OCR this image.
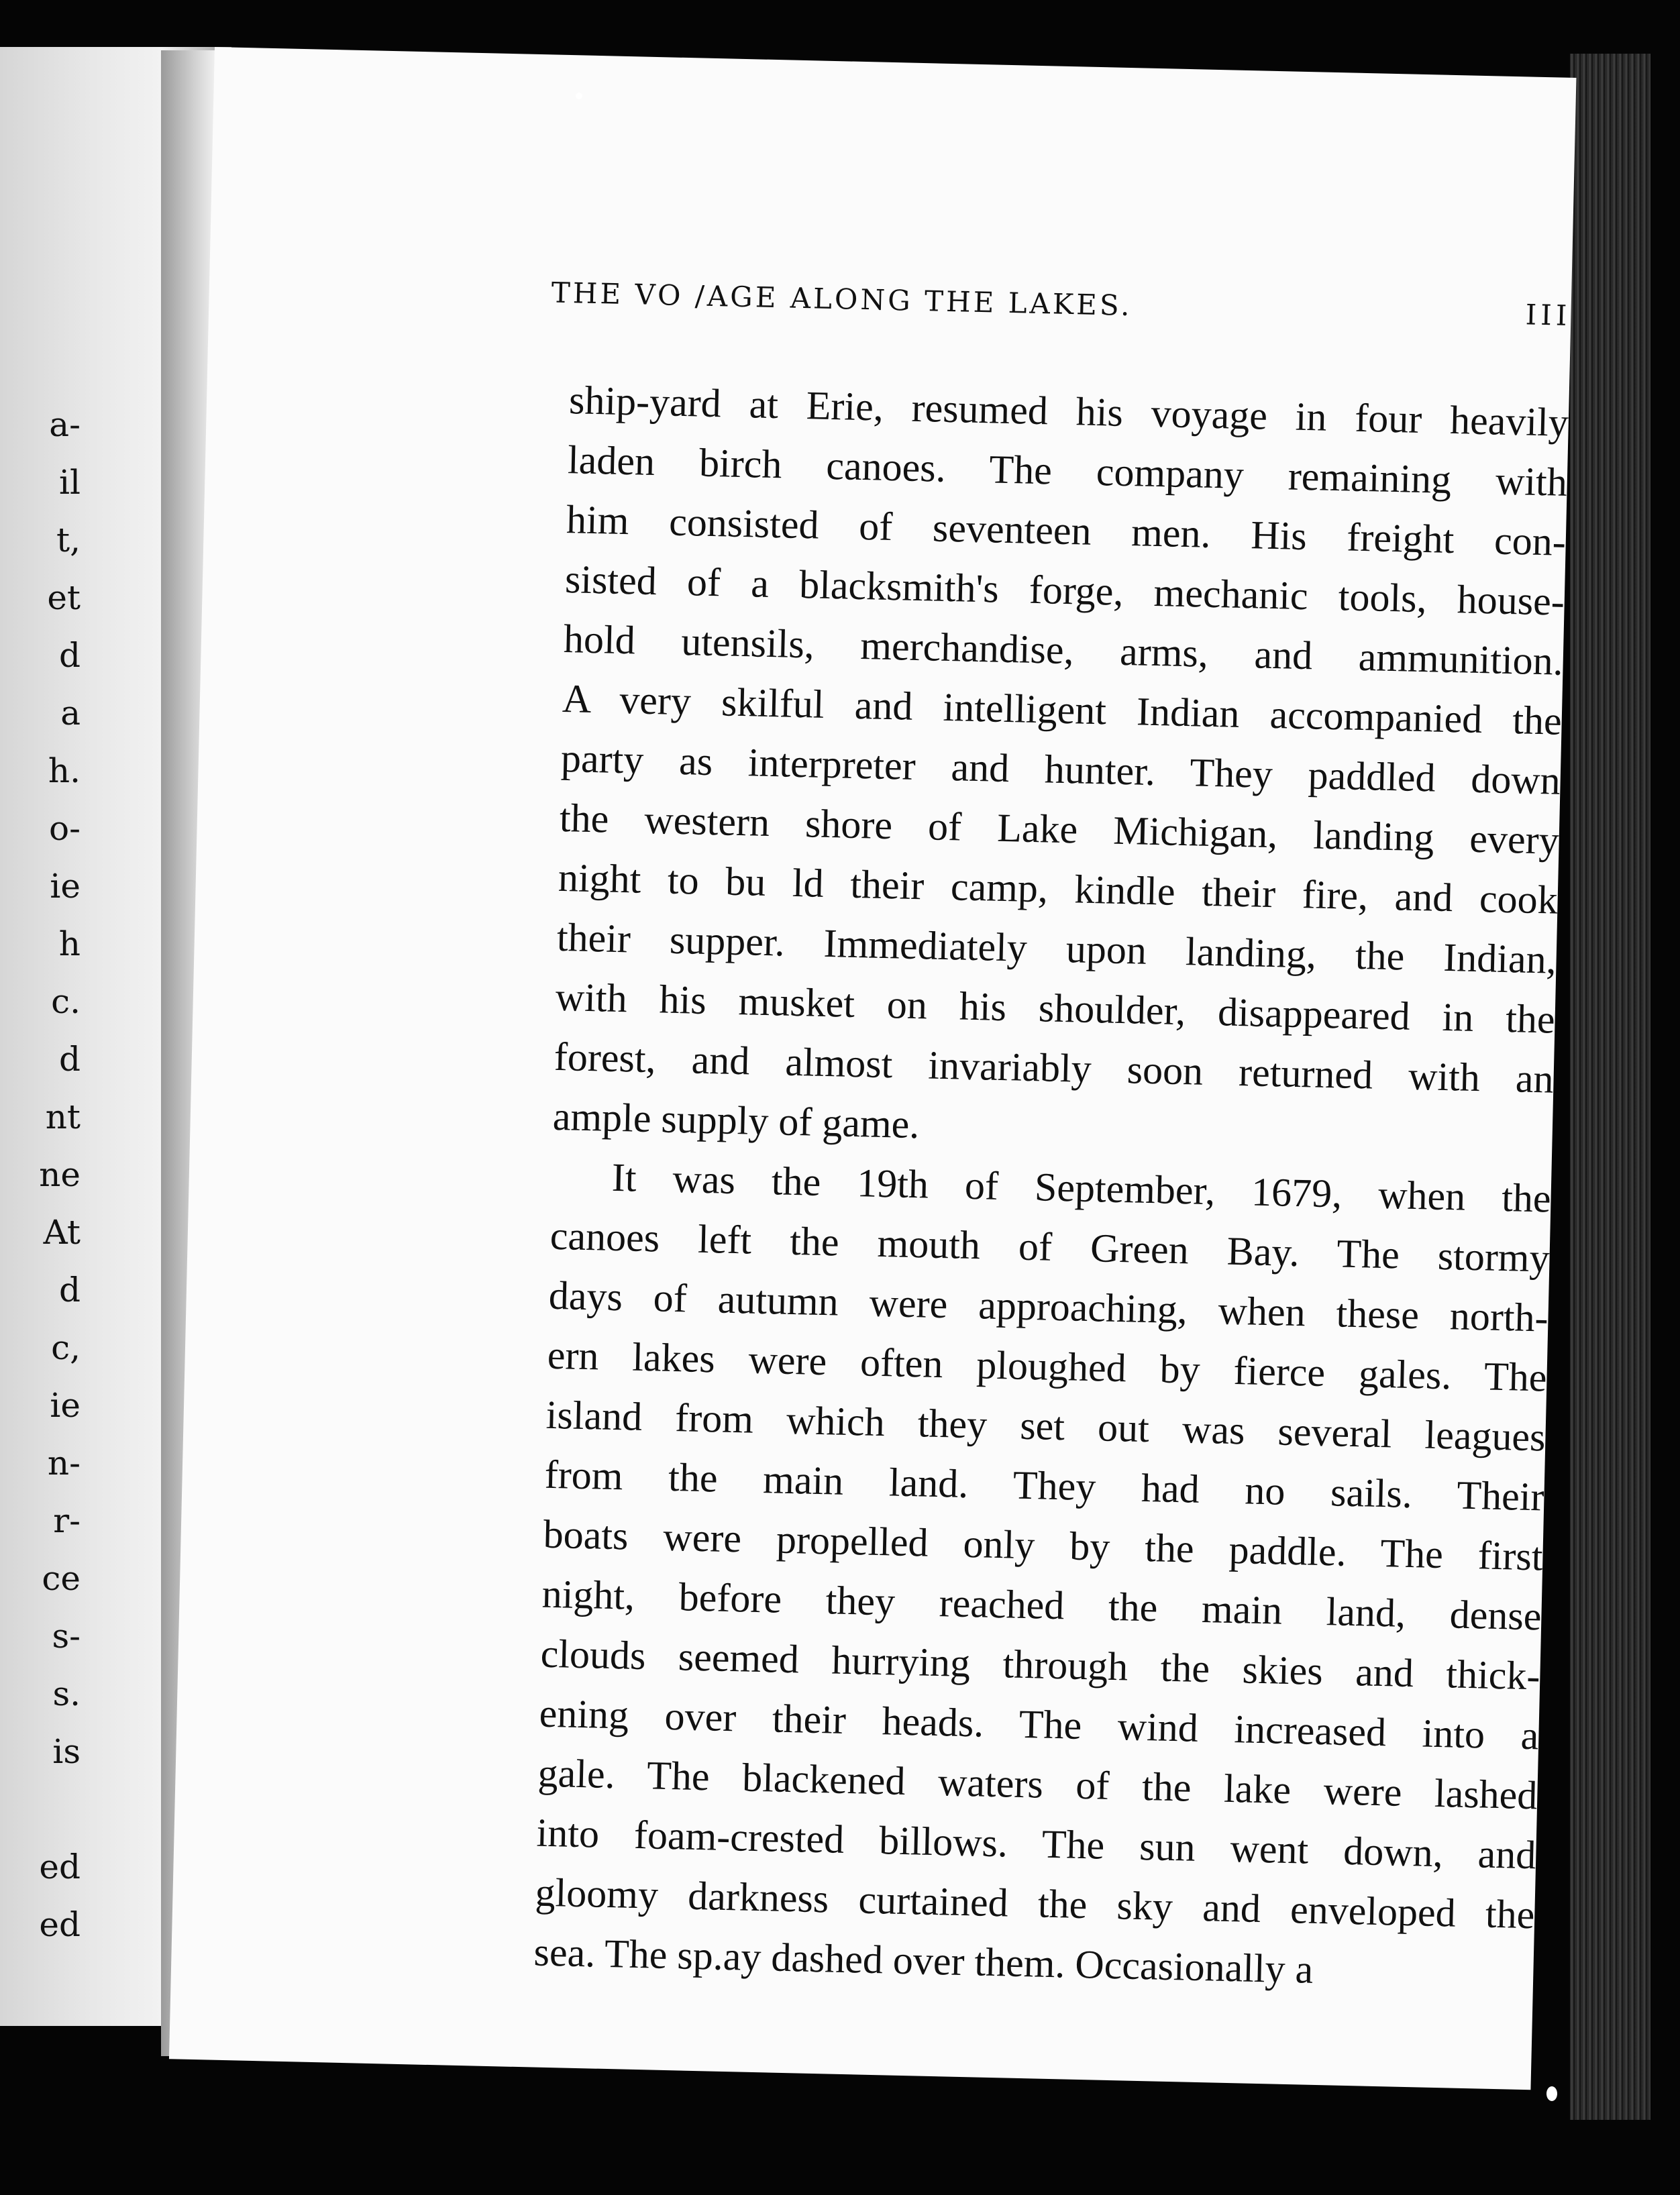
a-
il
t,
et
d
a
h.
o-
ie
h
c.
d
nt
ne
At
d
c,
ie
n-
r-
ce
s-
s.
is
ed
ed
THE VO /AGE ALONG THE LAKES.	III
ship-yard at Erie, resumed his voyage in four heavily
laden birch canoes. The company remaining with
him consisted of seventeen men. His freight con-
sisted of a blacksmith's forge, mechanic tools, house-
hold utensils, merchandise, arms, and ammunition.
A very skilful and intelligent Indian accompanied the
party as interpreter and hunter. They paddled down
the western shore of Lake Michigan, landing every
night to bu ld their camp, kindle their fire, and cook
their supper. Immediately upon landing, the Indian,
with his musket on his shoulder, disappeared in the
forest, and almost invariably soon returned with an
ample supply of game.
It was the 19th of September, 1679, when the
canoes left the mouth of Green Bay. The stormy
days of autumn were approaching, when these north-
ern lakes were often ploughed by fierce gales. The
island from which they set out was several leagues
from the main land. They had no sails. Their
boats were propelled only by the paddle. The first
night, before they reached the main land, dense
clouds seemed hurrying through the skies and thick-
ening over their heads. The wind increased into a
gale. The blackened waters of the lake were lashed
into foam-crested billows. The sun went down, and
gloomy darkness curtained the sky and enveloped the
sea. The sp.ay dashed over them. Occasionally a
